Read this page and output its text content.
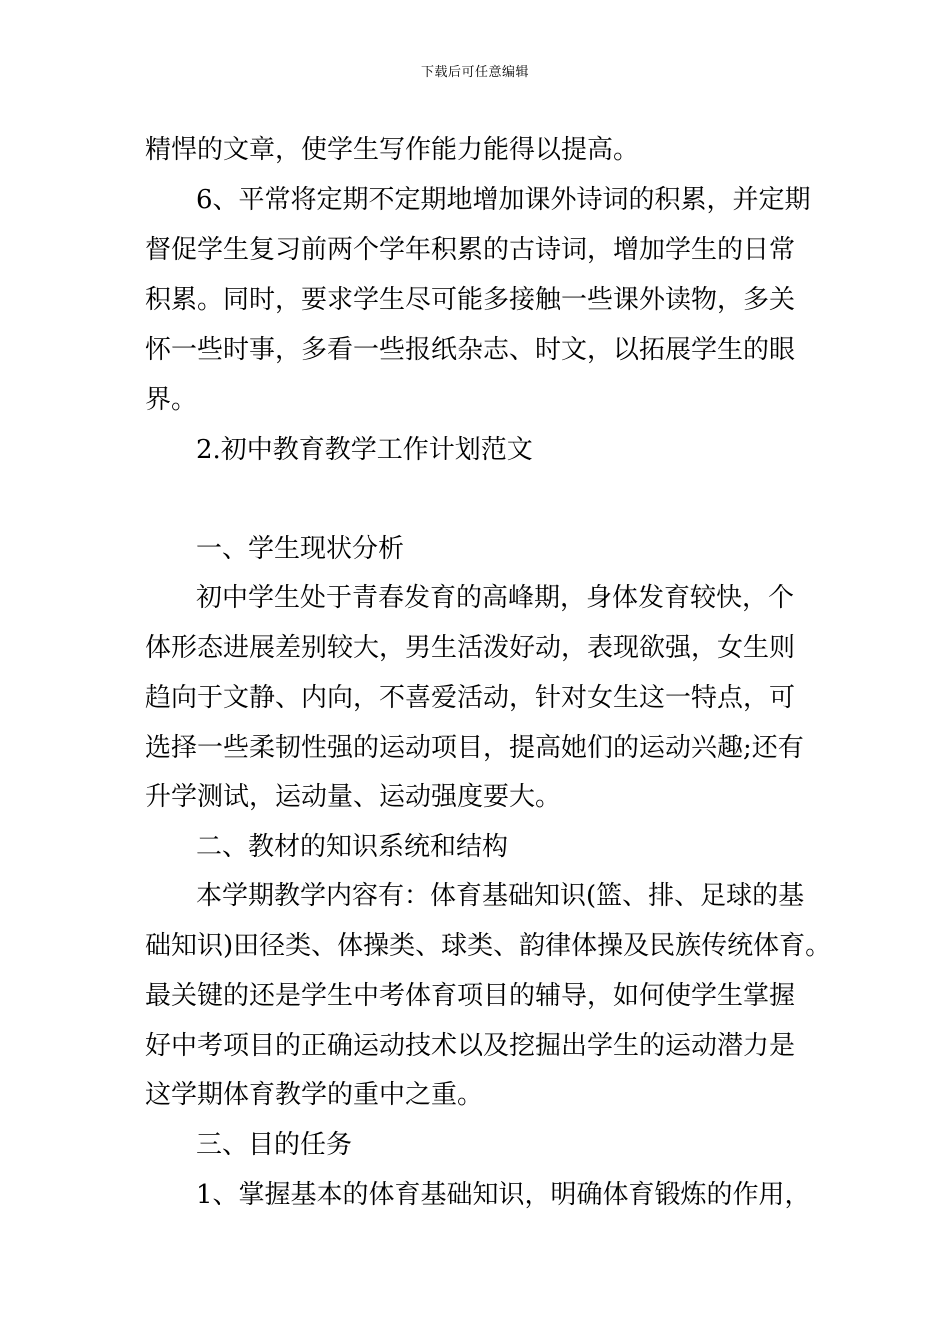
下载后可任意编辑
精悍的文章，使学生写作能力能得以提高。
6、平常将定期不定期地增加课外诗词的积累，并定期
督促学生复习前两个学年积累的古诗词，增加学生的日常
积累。同时，要求学生尽可能多接触一些课外读物，多关
怀一些时事，多看一些报纸杂志、时文，以拓展学生的眼
界。
2.初中教育教学工作计划范文
一、学生现状分析
初中学生处于青春发育的高峰期，身体发育较快，个
体形态进展差别较大，男生活泼好动，表现欲强，女生则
趋向于文静、内向，不喜爱活动，针对女生这一特点，可
选择一些柔韧性强的运动项目，提高她们的运动兴趣;还有
升学测试，运动量、运动强度要大。
二、教材的知识系统和结构
本学期教学内容有：体育基础知识(篮、排、足球的基
础知识)田径类、体操类、球类、韵律体操及民族传统体育。
最关键的还是学生中考体育项目的辅导，如何使学生掌握
好中考项目的正确运动技术以及挖掘出学生的运动潜力是
这学期体育教学的重中之重。
三、目的任务
1、掌握基本的体育基础知识，明确体育锻炼的作用，
